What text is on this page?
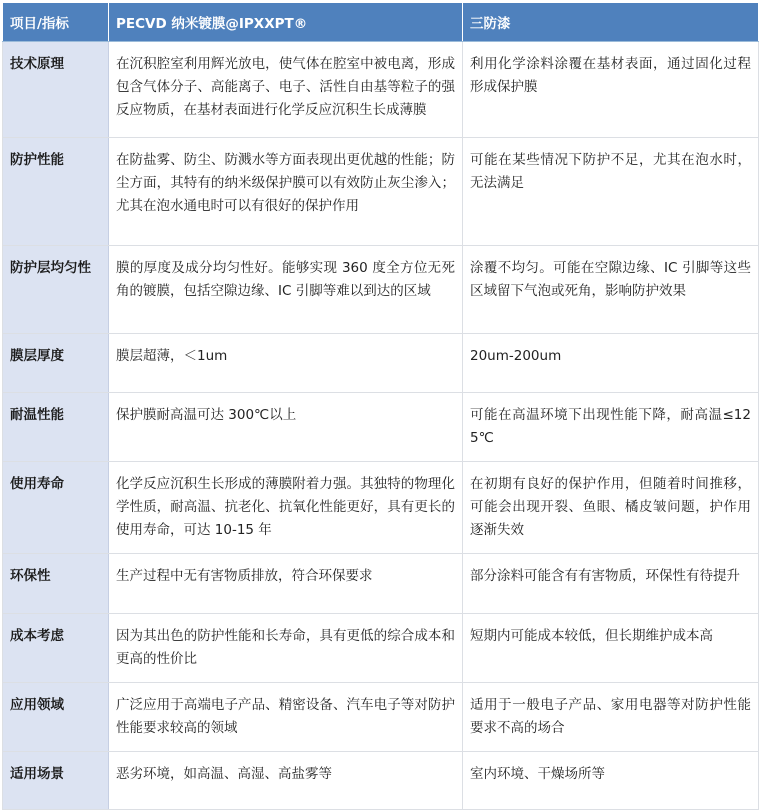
项目/指标	PECVD 纳米镀膜@IPXXPT®	三防漆
技术原理	在沉积腔室利用辉光放电，使气体在腔室中被电离，形成包含气体分子、高能离子、电子、活性自由基等粒子的强反应物质，在基材表面进行化学反应沉积生长成薄膜	利用化学涂料涂覆在基材表面，通过固化过程形成保护膜
防护性能	在防盐雾、防尘、防溅水等方面表现出更优越的性能；防尘方面，其特有的纳米级保护膜可以有效防止灰尘渗入；尤其在泡水通电时可以有很好的保护作用	可能在某些情况下防护不足，尤其在泡水时，无法满足
防护层均匀性	膜的厚度及成分均匀性好。能够实现 360 度全方位无死角的镀膜，包括空隙边缘、IC 引脚等难以到达的区域	涂覆不均匀。可能在空隙边缘、IC 引脚等这些区域留下气泡或死角，影响防护效果
膜层厚度	膜层超薄，＜1um	20um-200um
耐温性能	保护膜耐高温可达 300℃以上	可能在高温环境下出现性能下降，耐高温≤125℃
使用寿命	化学反应沉积生长形成的薄膜附着力强。其独特的物理化学性质，耐高温、抗老化、抗氧化性能更好，具有更长的使用寿命，可达 10-15 年	在初期有良好的保护作用，但随着时间推移，可能会出现开裂、鱼眼、橘皮皱问题，护作用逐渐失效
环保性	生产过程中无有害物质排放，符合环保要求	部分涂料可能含有有害物质，环保性有待提升
成本考虑	因为其出色的防护性能和长寿命，具有更低的综合成本和更高的性价比	短期内可能成本较低，但长期维护成本高
应用领域	广泛应用于高端电子产品、精密设备、汽车电子等对防护性能要求较高的领域	适用于一般电子产品、家用电器等对防护性能要求不高的场合
适用场景	恶劣环境，如高温、高湿、高盐雾等	室内环境、干燥场所等
